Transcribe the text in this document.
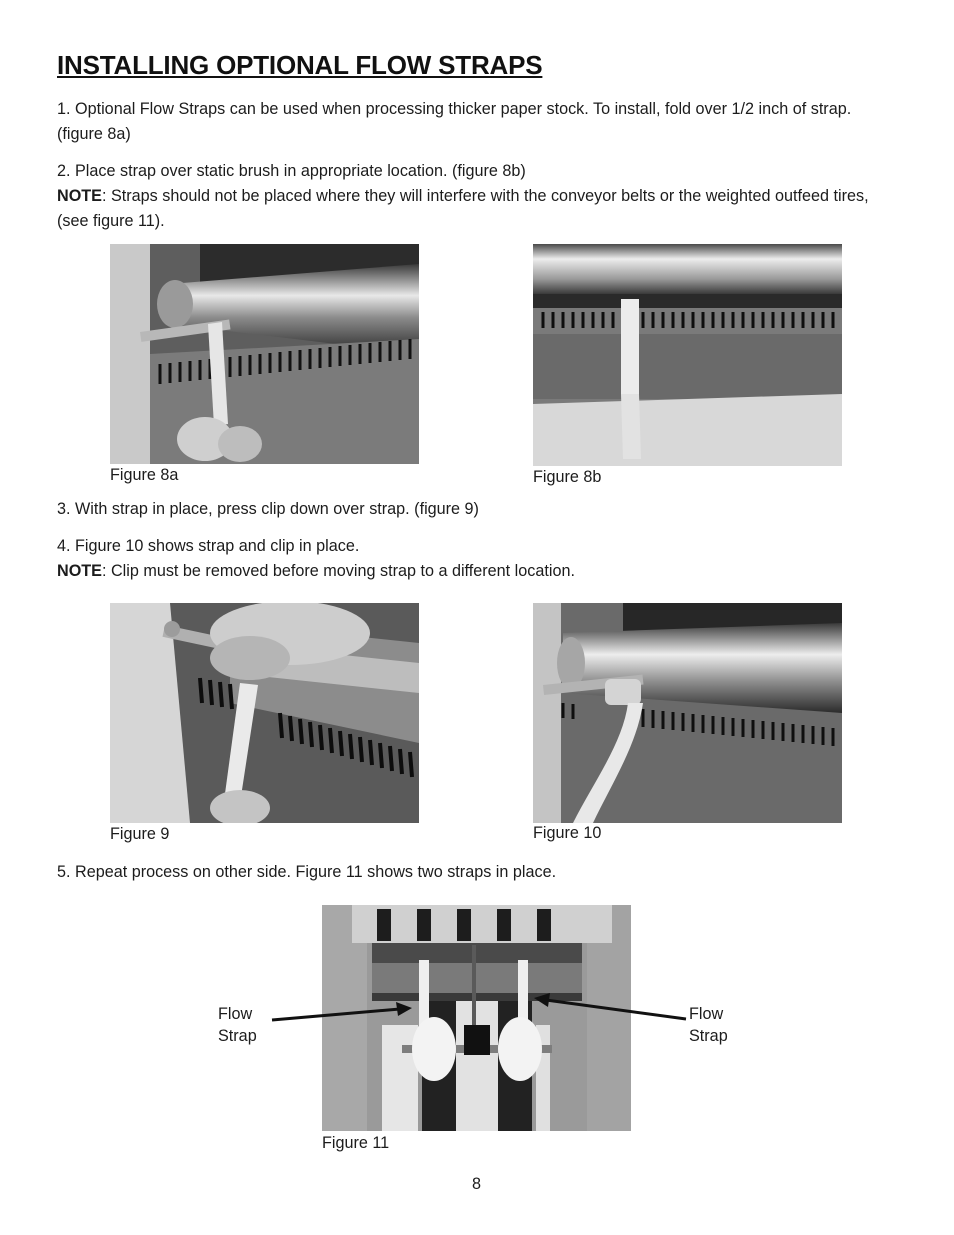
INSTALLING OPTIONAL FLOW STRAPS

1. Optional Flow Straps can be used when processing thicker paper stock. To install, fold over 1/2 inch of strap. (figure 8a)

2. Place strap over static brush in appropriate location. (figure 8b)

NOTE: Straps should not be placed where they will interfere with the conveyor belts or the weighted outfeed tires, (see figure 11).

Figure 8a	Figure 8b

3. With strap in place, press clip down over strap. (figure 9)

4. Figure 10 shows strap and clip in place.

NOTE: Clip must be removed before moving strap to a different location.

Figure 9	Figure 10

5. Repeat process on other side. Figure 11 shows two straps in place.

Figure 11

Flow
Strap

Flow
Strap

8
